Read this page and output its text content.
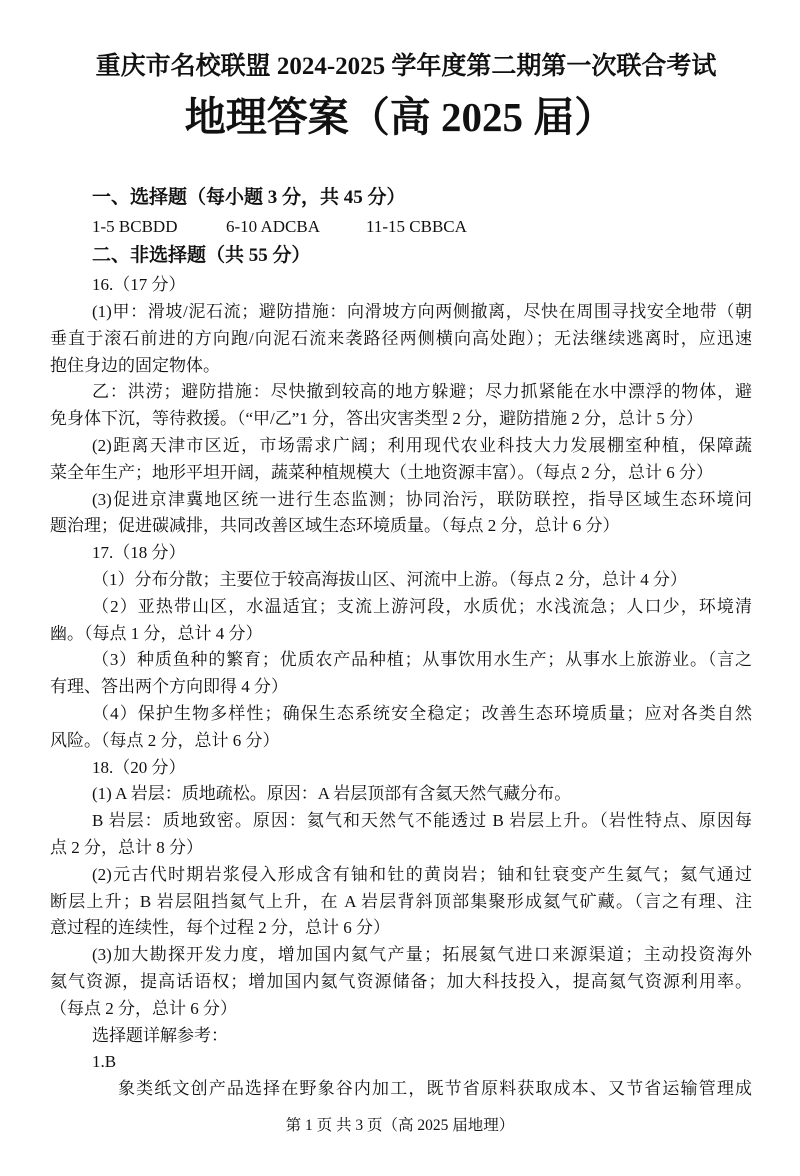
重庆市名校联盟 2024-2025 学年度第二期第一次联合考试
地理答案（高 2025 届）
一、选择题（每小题 3 分，共 45 分）
1-5 BCBDD	6-10 ADCBA	11-15 CBBCA
二、非选择题（共 55 分）
16.（17 分）
(1)甲：滑坡/泥石流；避防措施：向滑坡方向两侧撤离，尽快在周围寻找安全地带（朝
垂直于滚石前进的方向跑/向泥石流来袭路径两侧横向高处跑）；无法继续逃离时，应迅速
抱住身边的固定物体。
乙：洪涝；避防措施：尽快撤到较高的地方躲避；尽力抓紧能在水中漂浮的物体，避
免身体下沉，等待救援。（“甲/乙”1 分，答出灾害类型 2 分，避防措施 2 分，总计 5 分）
(2)距离天津市区近，市场需求广阔；利用现代农业科技大力发展棚室种植，保障蔬
菜全年生产；地形平坦开阔，蔬菜种植规模大（土地资源丰富）。（每点 2 分，总计 6 分）
(3)促进京津冀地区统一进行生态监测；协同治污，联防联控，指导区域生态环境问
题治理；促进碳减排，共同改善区域生态环境质量。（每点 2 分，总计 6 分）
17.（18 分）
（1）分布分散；主要位于较高海拔山区、河流中上游。（每点 2 分，总计 4 分）
（2）亚热带山区，水温适宜；支流上游河段，水质优；水浅流急；人口少，环境清
幽。（每点 1 分，总计 4 分）
（3）种质鱼种的繁育；优质农产品种植；从事饮用水生产；从事水上旅游业。（言之
有理、答出两个方向即得 4 分）
（4）保护生物多样性；确保生态系统安全稳定；改善生态环境质量；应对各类自然
风险。（每点 2 分，总计 6 分）
18.（20 分）
(1) A 岩层：质地疏松。原因：A 岩层顶部有含氦天然气藏分布。
B 岩层：质地致密。原因：氦气和天然气不能透过 B 岩层上升。（岩性特点、原因每
点 2 分，总计 8 分）
(2)元古代时期岩浆侵入形成含有铀和钍的黄岗岩；铀和钍衰变产生氦气；氦气通过
断层上升；B 岩层阻挡氦气上升，在 A 岩层背斜顶部集聚形成氦气矿藏。（言之有理、注
意过程的连续性，每个过程 2 分，总计 6 分）
(3)加大勘探开发力度，增加国内氦气产量；拓展氦气进口来源渠道；主动投资海外
氦气资源，提高话语权；增加国内氦气资源储备；加大科技投入，提高氦气资源利用率。
（每点 2 分，总计 6 分）
选择题详解参考：
1.B
象类纸文创产品选择在野象谷内加工，既节省原料获取成本、又节省运输管理成
第 1 页 共 3 页（高 2025 届地理）
